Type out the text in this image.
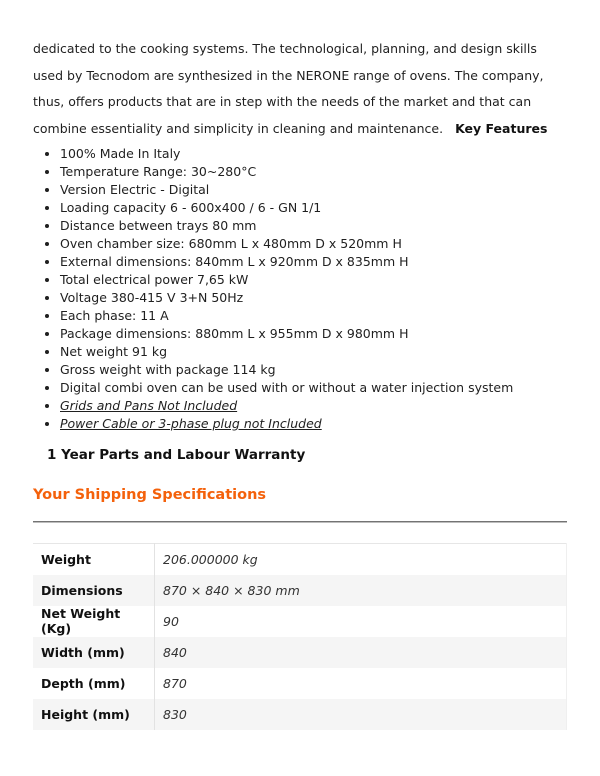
dedicated to the cooking systems. The technological, planning, and design skills used by Tecnodom are synthesized in the NERONE range of ovens. The company, thus, offers products that are in step with the needs of the market and that can combine essentiality and simplicity in cleaning and maintenance. Key Features

• 100% Made In Italy
• Temperature Range: 30~280°C
• Version Electric - Digital
• Loading capacity 6 - 600x400 / 6 - GN 1/1
• Distance between trays 80 mm
• Oven chamber size: 680mm L x 480mm D x 520mm H
• External dimensions: 840mm L x 920mm D x 835mm H
• Total electrical power 7,65 kW
• Voltage 380-415 V 3+N 50Hz
• Each phase: 11 A
• Package dimensions: 880mm L x 955mm D x 980mm H
• Net weight 91 kg
• Gross weight with package 114 kg
• Digital combi oven can be used with or without a water injection system
• Grids and Pans Not Included
• Power Cable or 3-phase plug not Included

1 Year Parts and Labour Warranty

Your Shipping Specifications
Weight	206.000000 kg
Dimensions	870 × 840 × 830 mm
Net Weight (Kg)	90
Width (mm)	840
Depth (mm)	870
Height (mm)	830
